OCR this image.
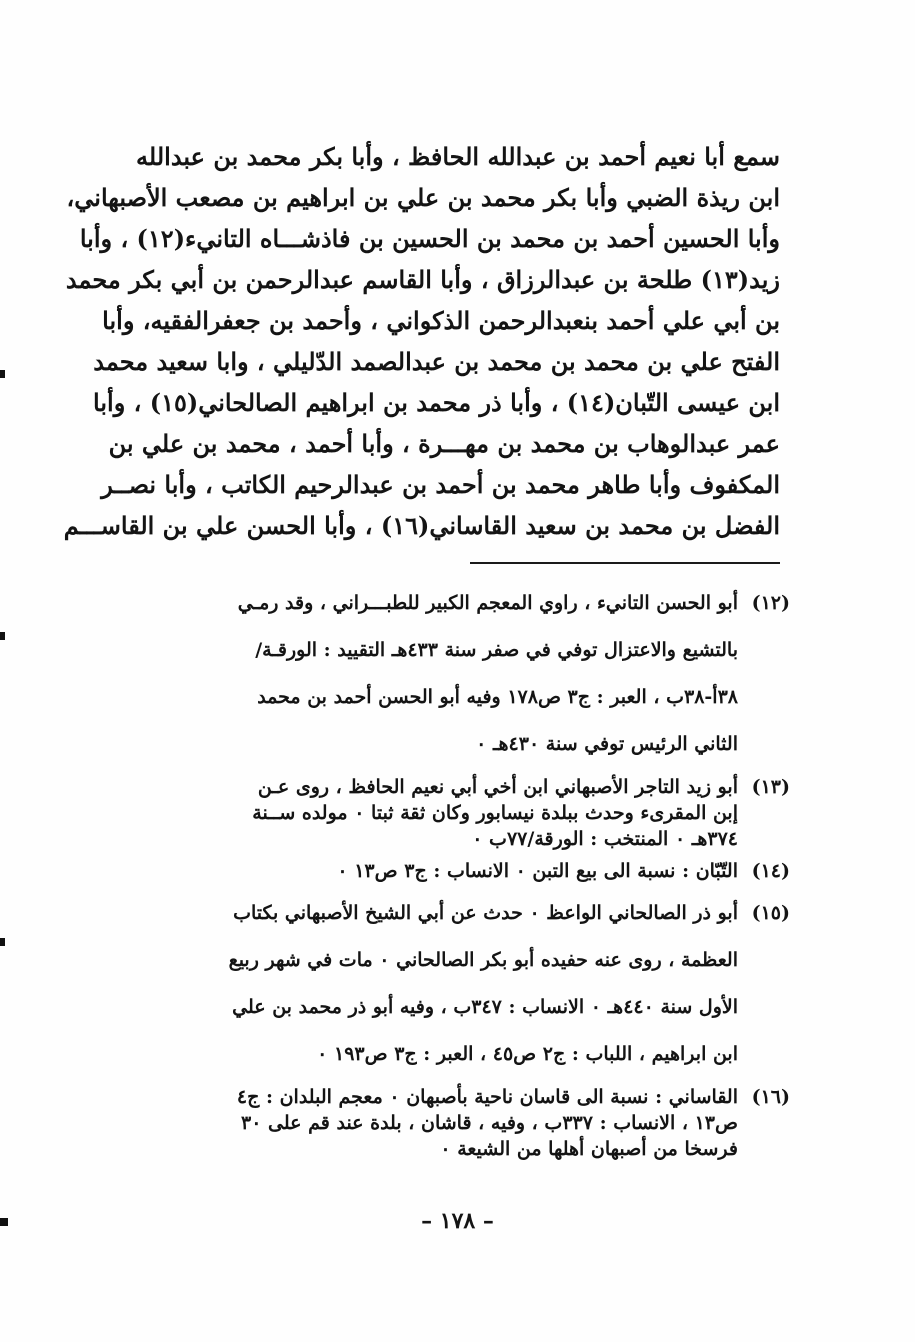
سمع أبا نعيم أحمد بن عبدالله الحافظ ، وأبا بكر محمد بن عبدالله
ابن ريذة الضبي وأبا بكر محمد بن علي بن ابراهيم بن مصعب الأصبهاني،
وأبا الحسين أحمد بن محمد بن الحسين بن فاذشـــاه التانيء(١٢) ، وأبا
زيد(١٣) طلحة بن عبدالرزاق ، وأبا القاسم عبدالرحمن بن أبي بكر محمد
بن أبي علي أحمد بنعبدالرحمن الذكواني ، وأحمد بن جعفرالفقيه، وأبا
الفتح علي بن محمد بن محمد بن عبدالصمد الدّليلي ، وابا سعيد محمد
ابن عيسى التّبان(١٤) ، وأبا ذر محمد بن ابراهيم الصالحاني(١٥) ، وأبا
عمر عبدالوهاب بن محمد بن مهـــرة ، وأبا أحمد ، محمد بن علي بن
المكفوف وأبا طاهر محمد بن أحمد بن عبدالرحيم الكاتب ، وأبا نصــر
الفضل بن محمد بن سعيد القاساني(١٦) ، وأبا الحسن علي بن القاســـم
(١٢)
أبو الحسن التانيء ، راوي المعجم الكبير للطبـــراني ، وقد رمـي
بالتشيع والاعتزال توفي في صفر سنة ٤٣٣هـ التقييد : الورقـة/
٣٨أ-٣٨ب ، العبر : ج٣ ص١٧٨ وفيه أبو الحسن أحمد بن محمد
الثاني الرئيس توفي سنة ٤٣٠هـ ٠
(١٣)
أبو زيد التاجر الأصبهاني ابن أخي أبي نعيم الحافظ ، روى عـن
إبن المقرىء وحدث ببلدة نيسابور وكان ثقة ثبتا ٠ مولده ســنة
٣٧٤هـ ٠ المنتخب : الورقة/٧٧ب ٠
(١٤)
التّبّان : نسبة الى بيع التبن ٠ الانساب : ج٣ ص١٣ ٠
(١٥)
أبو ذر الصالحاني الواعظ ٠ حدث عن أبي الشيخ الأصبهاني بكتاب
العظمة ، روى عنه حفيده أبو بكر الصالحاني ٠ مات في شهر ربيع
الأول سنة ٤٤٠هـ ٠ الانساب : ٣٤٧ب ، وفيه أبو ذر محمد بن علي
ابن ابراهيم ، اللباب : ج٢ ص٤٥ ، العبر : ج٣ ص١٩٣ ٠
(١٦)
القاساني : نسبة الى قاسان ناحية بأصبهان ٠ معجم البلدان : ج٤
ص١٣ ، الانساب : ٣٣٧ب ، وفيه ، قاشان ، بلدة عند قم على ٣٠
فرسخا من أصبهان أهلها من الشيعة ٠
– ١٧٨ –
